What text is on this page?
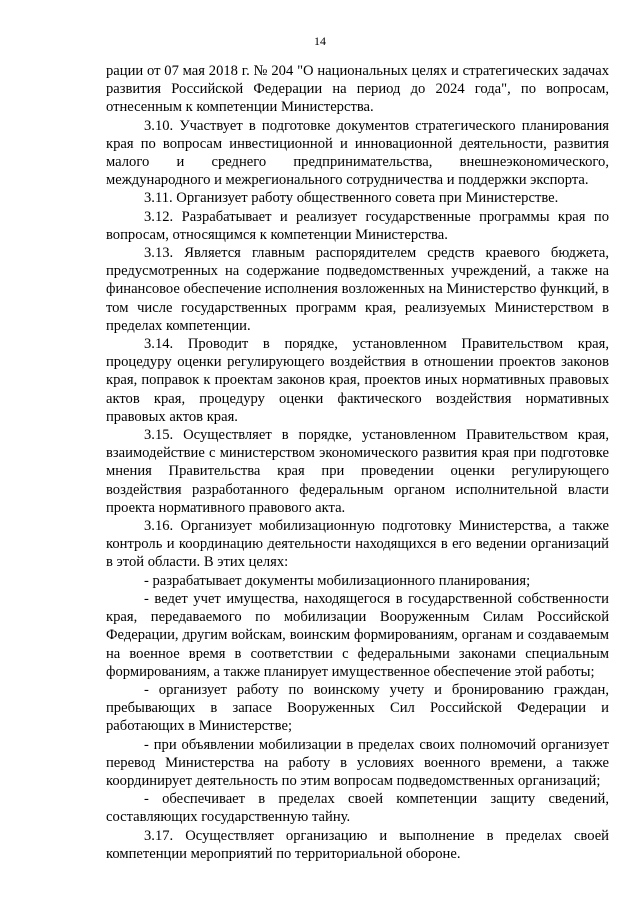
14

рации от 07 мая 2018 г. № 204 "О национальных целях и стратегических задачах развития Российской Федерации на период до 2024 года", по вопросам, отнесенным к компетенции Министерства.

3.10. Участвует в подготовке документов стратегического планирования края по вопросам инвестиционной и инновационной деятельности, развития малого и среднего предпринимательства, внешнеэкономического, международного и межрегионального сотрудничества и поддержки экспорта.

3.11. Организует работу общественного совета при Министерстве.

3.12. Разрабатывает и реализует государственные программы края по вопросам, относящимся к компетенции Министерства.

3.13. Является главным распорядителем средств краевого бюджета, предусмотренных на содержание подведомственных учреждений, а также на финансовое обеспечение исполнения возложенных на Министерство функций, в том числе государственных программ края, реализуемых Министерством в пределах компетенции.

3.14. Проводит в порядке, установленном Правительством края, процедуру оценки регулирующего воздействия в отношении проектов законов края, поправок к проектам законов края, проектов иных нормативных правовых актов края, процедуру оценки фактического воздействия нормативных правовых актов края.

3.15. Осуществляет в порядке, установленном Правительством края, взаимодействие с министерством экономического развития края при подготовке мнения Правительства края при проведении оценки регулирующего воздействия разработанного федеральным органом исполнительной власти проекта нормативного правового акта.

3.16. Организует мобилизационную подготовку Министерства, а также контроль и координацию деятельности находящихся в его ведении организаций в этой области. В этих целях:

- разрабатывает документы мобилизационного планирования;

- ведет учет имущества, находящегося в государственной собственности края, передаваемого по мобилизации Вооруженным Силам Российской Федерации, другим войскам, воинским формированиям, органам и создаваемым на военное время в соответствии с федеральными законами специальным формированиям, а также планирует имущественное обеспечение этой работы;

- организует работу по воинскому учету и бронированию граждан, пребывающих в запасе Вооруженных Сил Российской Федерации и работающих в Министерстве;

- при объявлении мобилизации в пределах своих полномочий организует перевод Министерства на работу в условиях военного времени, а также координирует деятельность по этим вопросам подведомственных организаций;

- обеспечивает в пределах своей компетенции защиту сведений, составляющих государственную тайну.

3.17. Осуществляет организацию и выполнение в пределах своей компетенции мероприятий по территориальной обороне.
